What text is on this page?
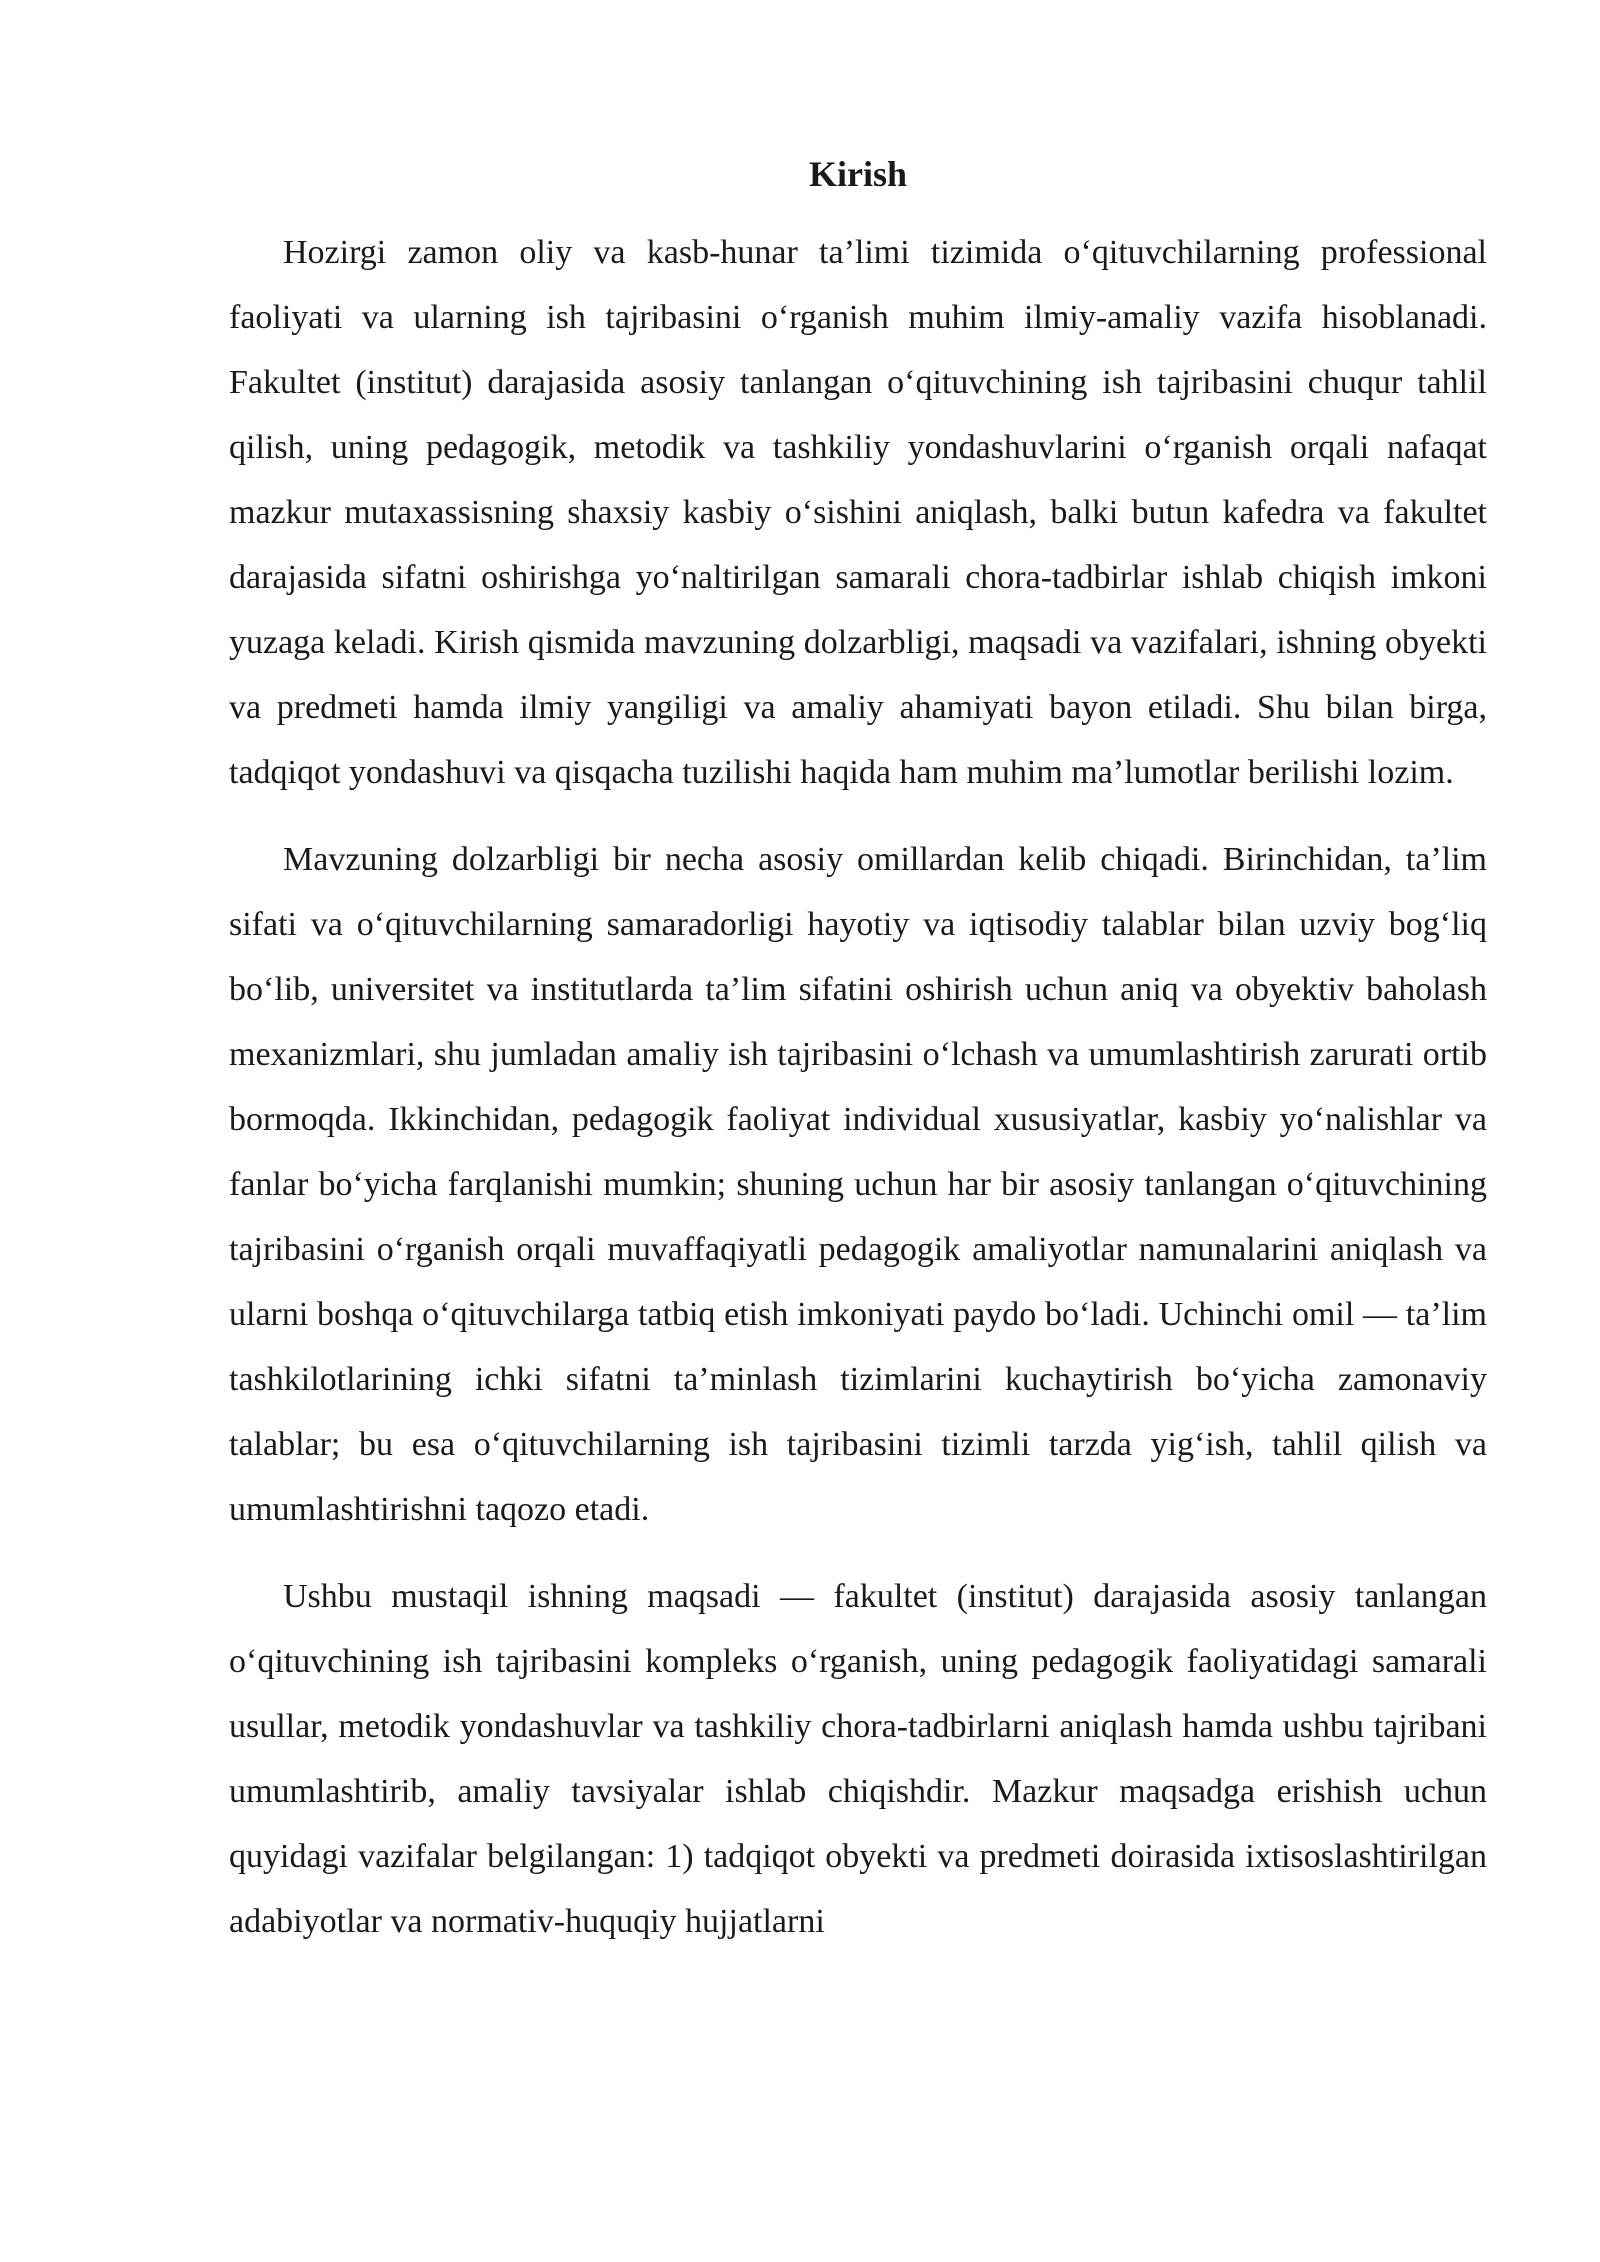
Kirish

Hozirgi zamon oliy va kasb-hunar ta’limi tizimida o‘qituvchilarning professional faoliyati va ularning ish tajribasini o‘rganish muhim ilmiy-amaliy vazifa hisoblanadi. Fakultet (institut) darajasida asosiy tanlangan o‘qituvchining ish tajribasini chuqur tahlil qilish, uning pedagogik, metodik va tashkiliy yondashuvlarini o‘rganish orqali nafaqat mazkur mutaxassisning shaxsiy kasbiy o‘sishini aniqlash, balki butun kafedra va fakultet darajasida sifatni oshirishga yo‘naltirilgan samarali chora-tadbirlar ishlab chiqish imkoni yuzaga keladi. Kirish qismida mavzuning dolzarbligi, maqsadi va vazifalari, ishning obyekti va predmeti hamda ilmiy yangiligi va amaliy ahamiyati bayon etiladi. Shu bilan birga, tadqiqot yondashuvi va qisqacha tuzilishi haqida ham muhim ma’lumotlar berilishi lozim.

Mavzuning dolzarbligi bir necha asosiy omillardan kelib chiqadi. Birinchidan, ta’lim sifati va o‘qituvchilarning samaradorligi hayotiy va iqtisodiy talablar bilan uzviy bog‘liq bo‘lib, universitet va institutlarda ta’lim sifatini oshirish uchun aniq va obyektiv baholash mexanizmlari, shu jumladan amaliy ish tajribasini o‘lchash va umumlashtirish zarurati ortib bormoqda. Ikkinchidan, pedagogik faoliyat individual xususiyatlar, kasbiy yo‘nalishlar va fanlar bo‘yicha farqlanishi mumkin; shuning uchun har bir asosiy tanlangan o‘qituvchining tajribasini o‘rganish orqali muvaffaqiyatli pedagogik amaliyotlar namunalarini aniqlash va ularni boshqa o‘qituvchilarga tatbiq etish imkoniyati paydo bo‘ladi. Uchinchi omil — ta’lim tashkilotlarining ichki sifatni ta’minlash tizimlarini kuchaytirish bo‘yicha zamonaviy talablar; bu esa o‘qituvchilarning ish tajribasini tizimli tarzda yig‘ish, tahlil qilish va umumlashtirishni taqozo etadi.

Ushbu mustaqil ishning maqsadi — fakultet (institut) darajasida asosiy tanlangan o‘qituvchining ish tajribasini kompleks o‘rganish, uning pedagogik faoliyatidagi samarali usullar, metodik yondashuvlar va tashkiliy chora-tadbirlarni aniqlash hamda ushbu tajribani umumlashtirib, amaliy tavsiyalar ishlab chiqishdir. Mazkur maqsadga erishish uchun quyidagi vazifalar belgilangan: 1) tadqiqot obyekti va predmeti doirasida ixtisoslashtirilgan adabiyotlar va normativ-huquqiy hujjatlarni
